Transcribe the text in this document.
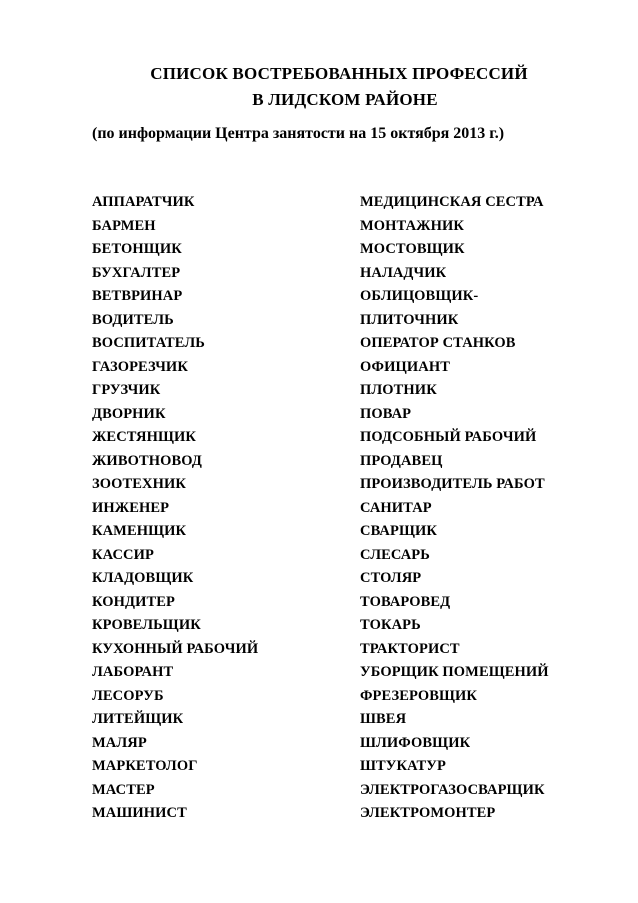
СПИСОК ВОСТРЕБОВАННЫХ ПРОФЕССИЙ
В ЛИДСКОМ РАЙОНЕ
(по информации Центра занятости на 15 октября 2013 г.)
АППАРАТЧИК
БАРМЕН
БЕТОНЩИК
БУХГАЛТЕР
ВЕТВРИНАР
ВОДИТЕЛЬ
ВОСПИТАТЕЛЬ
ГАЗОРЕЗЧИК
ГРУЗЧИК
ДВОРНИК
ЖЕСТЯНЩИК
ЖИВОТНОВОД
ЗООТЕХНИК
ИНЖЕНЕР
КАМЕНЩИК
КАССИР
КЛАДОВЩИК
КОНДИТЕР
КРОВЕЛЬЩИК
КУХОННЫЙ РАБОЧИЙ
ЛАБОРАНТ
ЛЕСОРУБ
ЛИТЕЙЩИК
МАЛЯР
МАРКЕТОЛОГ
МАСТЕР
МАШИНИСТ
МЕДИЦИНСКАЯ СЕСТРА
МОНТАЖНИК
МОСТОВЩИК
НАЛАДЧИК
ОБЛИЦОВЩИК-
ПЛИТОЧНИК
ОПЕРАТОР СТАНКОВ
ОФИЦИАНТ
ПЛОТНИК
ПОВАР
ПОДСОБНЫЙ РАБОЧИЙ
ПРОДАВЕЦ
ПРОИЗВОДИТЕЛЬ РАБОТ
САНИТАР
СВАРЩИК
СЛЕСАРЬ
СТОЛЯР
ТОВАРОВЕД
ТОКАРЬ
ТРАКТОРИСТ
УБОРЩИК ПОМЕЩЕНИЙ
ФРЕЗЕРОВЩИК
ШВЕЯ
ШЛИФОВЩИК
ШТУКАТУР
ЭЛЕКТРОГАЗОСВАРЩИК
ЭЛЕКТРОМОНТЕР
